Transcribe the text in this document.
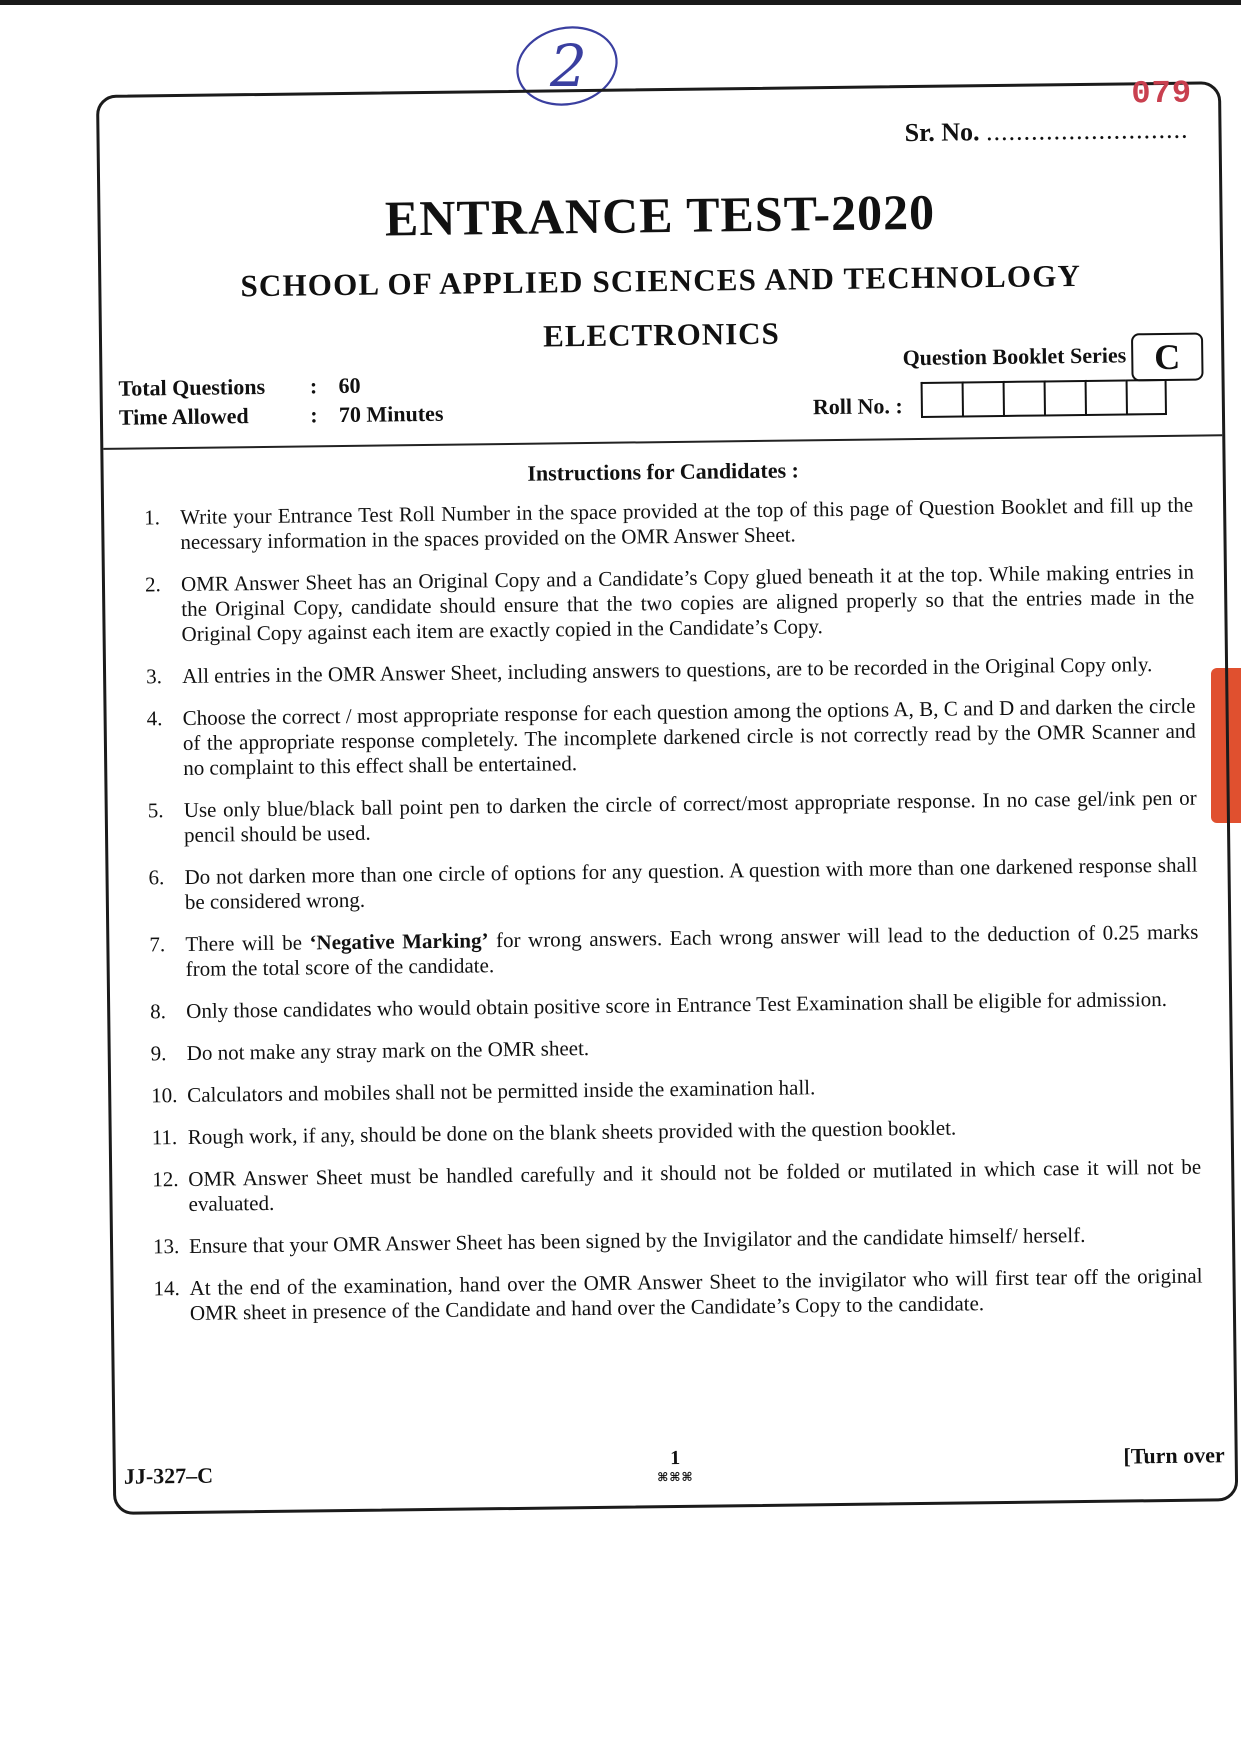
2	079
Sr. No. ...........................
ENTRANCE TEST-2020
SCHOOL OF APPLIED SCIENCES AND TECHNOLOGY
ELECTRONICS
Question Booklet Series C
Total Questions : 60
Time Allowed	: 70 Minutes	Roll No. :
Instructions for Candidates :
1. Write your Entrance Test Roll Number in the space provided at the top of this page of Question Booklet and fill up the necessary information in the spaces provided on the OMR Answer Sheet.
2. OMR Answer Sheet has an Original Copy and a Candidate’s Copy glued beneath it at the top. While making entries in the Original Copy, candidate should ensure that the two copies are aligned properly so that the entries made in the Original Copy against each item are exactly copied in the Candidate’s Copy.
3. All entries in the OMR Answer Sheet, including answers to questions, are to be recorded in the Original Copy only.
4. Choose the correct / most appropriate response for each question among the options A, B, C and D and darken the circle of the appropriate response completely. The incomplete darkened circle is not correctly read by the OMR Scanner and no complaint to this effect shall be entertained.
5. Use only blue/black ball point pen to darken the circle of correct/most appropriate response. In no case gel/ink pen or pencil should be used.
6. Do not darken more than one circle of options for any question. A question with more than one darkened response shall be considered wrong.
7. There will be ‘Negative Marking’ for wrong answers. Each wrong answer will lead to the deduction of 0.25 marks from the total score of the candidate.
8. Only those candidates who would obtain positive score in Entrance Test Examination shall be eligible for admission.
9. Do not make any stray mark on the OMR sheet.
10. Calculators and mobiles shall not be permitted inside the examination hall.
11. Rough work, if any, should be done on the blank sheets provided with the question booklet.
12. OMR Answer Sheet must be handled carefully and it should not be folded or mutilated in which case it will not be evaluated.
13. Ensure that your OMR Answer Sheet has been signed by the Invigilator and the candidate himself/ herself.
14. At the end of the examination, hand over the OMR Answer Sheet to the invigilator who will first tear off the original OMR sheet in presence of the Candidate and hand over the Candidate’s Copy to the candidate.
JJ-327–C
1
⌘⌘⌘
[Turn over
